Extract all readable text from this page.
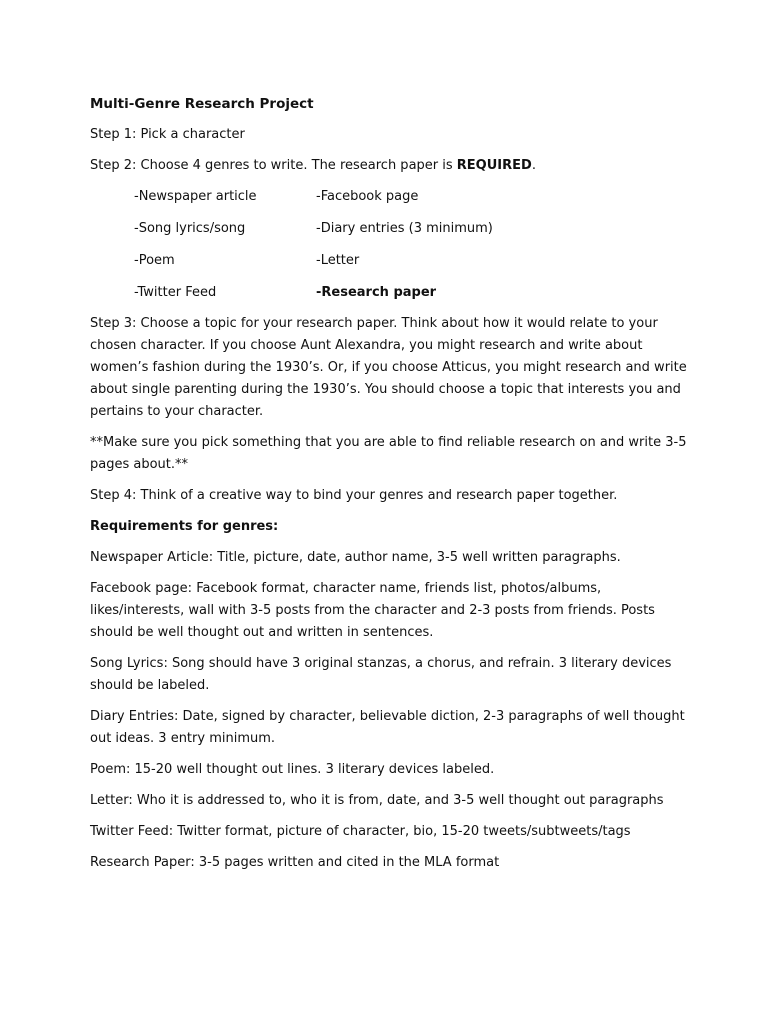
Multi-Genre Research Project

Step 1: Pick a character

Step 2: Choose 4 genres to write. The research paper is REQUIRED.

-Newspaper article	-Facebook page
-Song lyrics/song	-Diary entries (3 minimum)
-Poem	-Letter
-Twitter Feed	-Research paper

Step 3: Choose a topic for your research paper. Think about how it would relate to your chosen character. If you choose Aunt Alexandra, you might research and write about women’s fashion during the 1930’s. Or, if you choose Atticus, you might research and write about single parenting during the 1930’s. You should choose a topic that interests you and pertains to your character.

**Make sure you pick something that you are able to find reliable research on and write 3-5 pages about.**

Step 4: Think of a creative way to bind your genres and research paper together.

Requirements for genres:

Newspaper Article: Title, picture, date, author name, 3-5 well written paragraphs.

Facebook page: Facebook format, character name, friends list, photos/albums, likes/interests, wall with 3-5 posts from the character and 2-3 posts from friends. Posts should be well thought out and written in sentences.

Song Lyrics: Song should have 3 original stanzas, a chorus, and refrain. 3 literary devices should be labeled.

Diary Entries: Date, signed by character, believable diction, 2-3 paragraphs of well thought out ideas. 3 entry minimum.

Poem: 15-20 well thought out lines. 3 literary devices labeled.

Letter: Who it is addressed to, who it is from, date, and 3-5 well thought out paragraphs

Twitter Feed: Twitter format, picture of character, bio, 15-20 tweets/subtweets/tags

Research Paper: 3-5 pages written and cited in the MLA format
